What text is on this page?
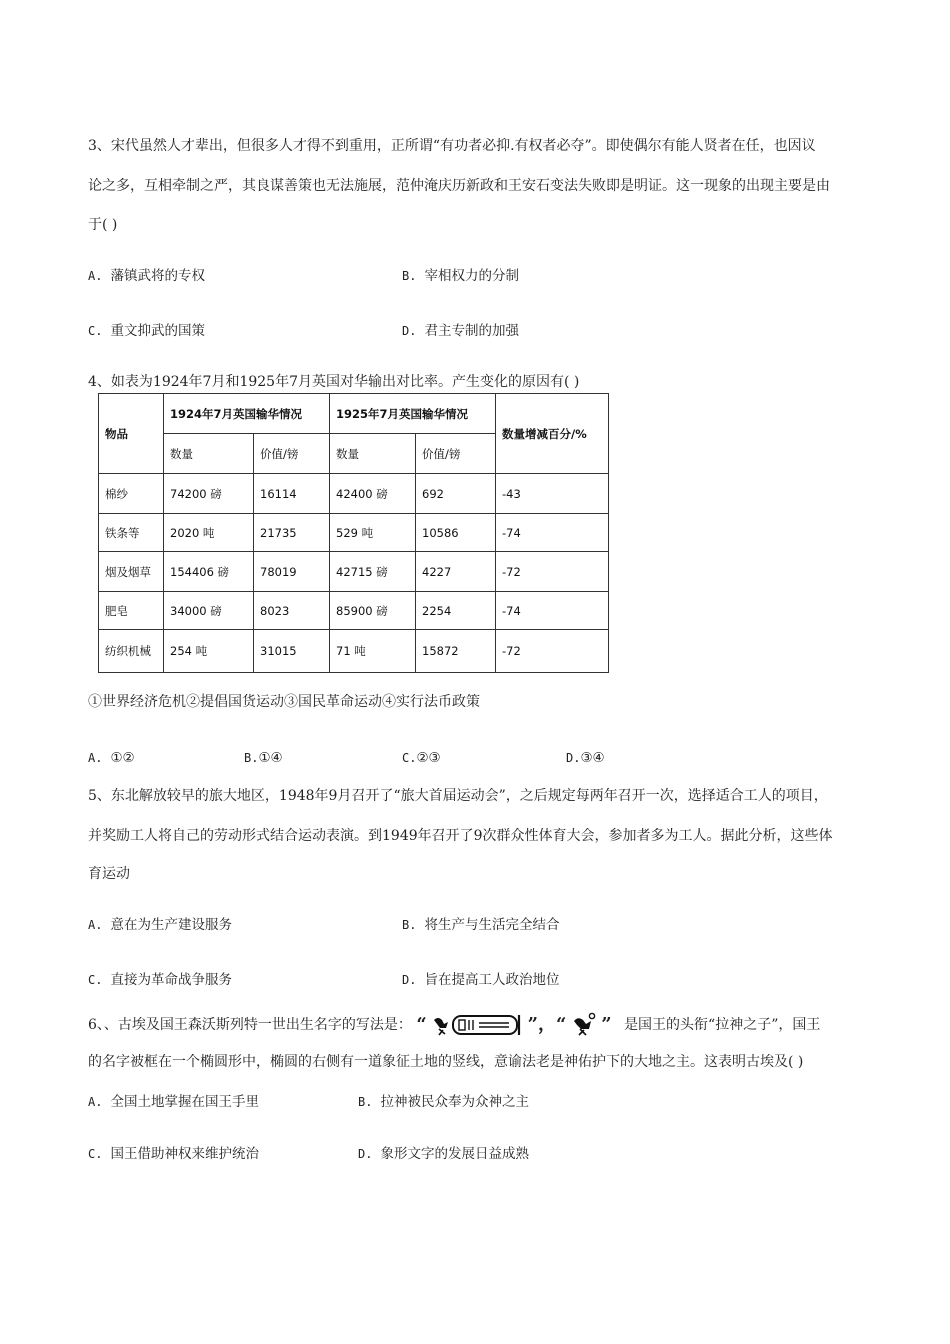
3、宋代虽然人才辈出，但很多人才得不到重用，正所谓“有功者必抑.有权者必夺”。即使偶尔有能人贤者在任，也因议
论之多，互相牵制之严，其良谋善策也无法施展，范仲淹庆历新政和王安石变法失败即是明证。这一现象的出现主要是由
于( )
A. 藩镇武将的专权	B. 宰相权力的分制
C. 重文抑武的国策	D. 君主专制的加强
4、如表为1924年7月和1925年7月英国对华输出对比率。产生变化的原因有( )
物品	1924年7月英国输华情况		1925年7月英国输华情况		数量增减百分/%
	数量	价值/镑	数量	价值/镑	
棉纱	74200 磅	16114	42400 磅	692	-43
铁条等	2020 吨	21735	529 吨	10586	-74
烟及烟草	154406 磅	78019	42715 磅	4227	-72
肥皂	34000 磅	8023	85900 磅	2254	-74
纺织机械	254 吨	31015	71 吨	15872	-72
①世界经济危机②提倡国货运动③国民革命运动④实行法币政策
A. ①②	B.①④	C.②③	D.③④
5、东北解放较早的旅大地区，1948年9月召开了“旅大首届运动会”，之后规定每两年召开一次，选择适合工人的项目，
并奖励工人将自己的劳动形式结合运动表演。到1949年召开了9次群众性体育大会，参加者多为工人。据此分析，这些体
育运动
A. 意在为生产建设服务	B. 将生产与生活完全结合
C. 直接为革命战争服务	D. 旨在提高工人政治地位
6、、古埃及国王森沃斯列特一世出生名字的写法是： “	”，“ ” 是国王的头衔“拉神之子”，国王
的名字被框在一个椭圆形中，椭圆的右侧有一道象征土地的竖线，意谕法老是神佑护下的大地之主。这表明古埃及( )
A. 全国土地掌握在国王手里	B. 拉神被民众奉为众神之主
C. 国王借助神权来维护统治	D. 象形文字的发展日益成熟
